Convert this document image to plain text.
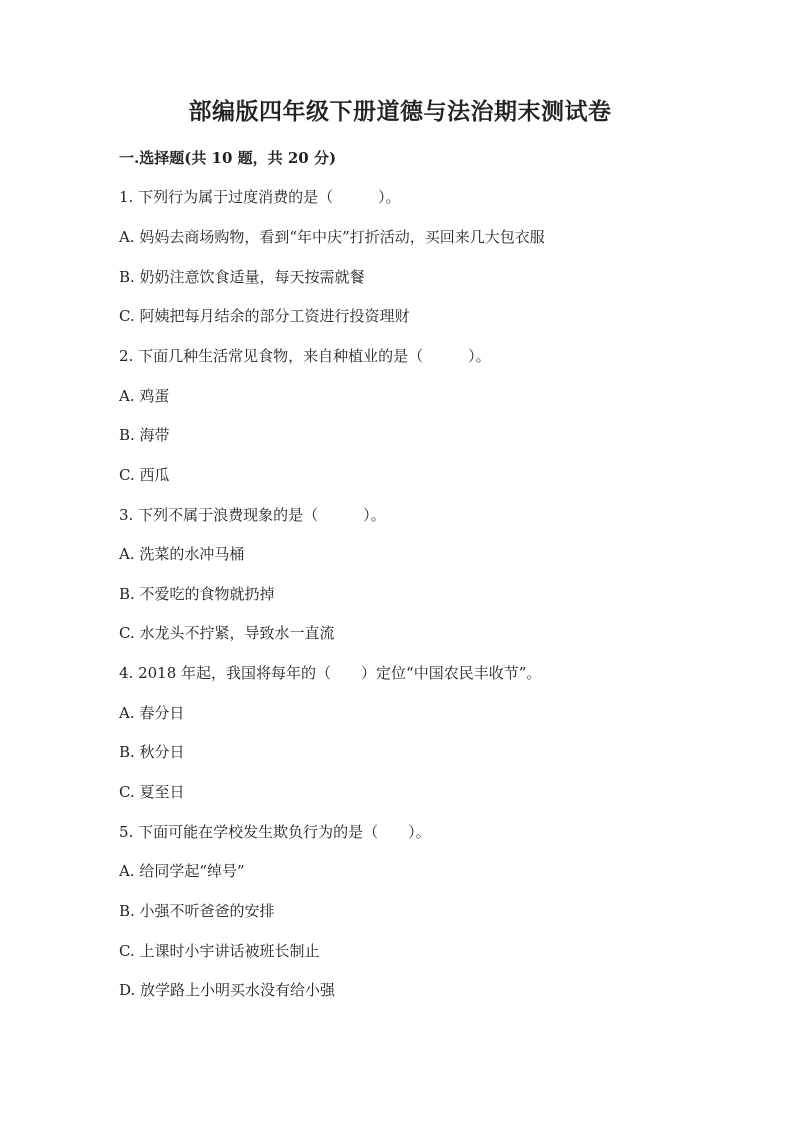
部编版四年级下册道德与法治期末测试卷
一.选择题(共 10 题，共 20 分)
1. 下列行为属于过度消费的是（　　　）。
A. 妈妈去商场购物，看到“年中庆”打折活动，买回来几大包衣服
B. 奶奶注意饮食适量，每天按需就餐
C. 阿姨把每月结余的部分工资进行投资理财
2. 下面几种生活常见食物，来自种植业的是（　　　）。
A. 鸡蛋
B. 海带
C. 西瓜
3. 下列不属于浪费现象的是（　　　）。
A. 洗菜的水冲马桶
B. 不爱吃的食物就扔掉
C. 水龙头不拧紧，导致水一直流
4. 2018 年起，我国将每年的（　　）定位“中国农民丰收节”。
A. 春分日
B. 秋分日
C. 夏至日
5. 下面可能在学校发生欺负行为的是（　　）。
A. 给同学起“绰号”
B. 小强不听爸爸的安排
C. 上课时小宇讲话被班长制止
D. 放学路上小明买水没有给小强
